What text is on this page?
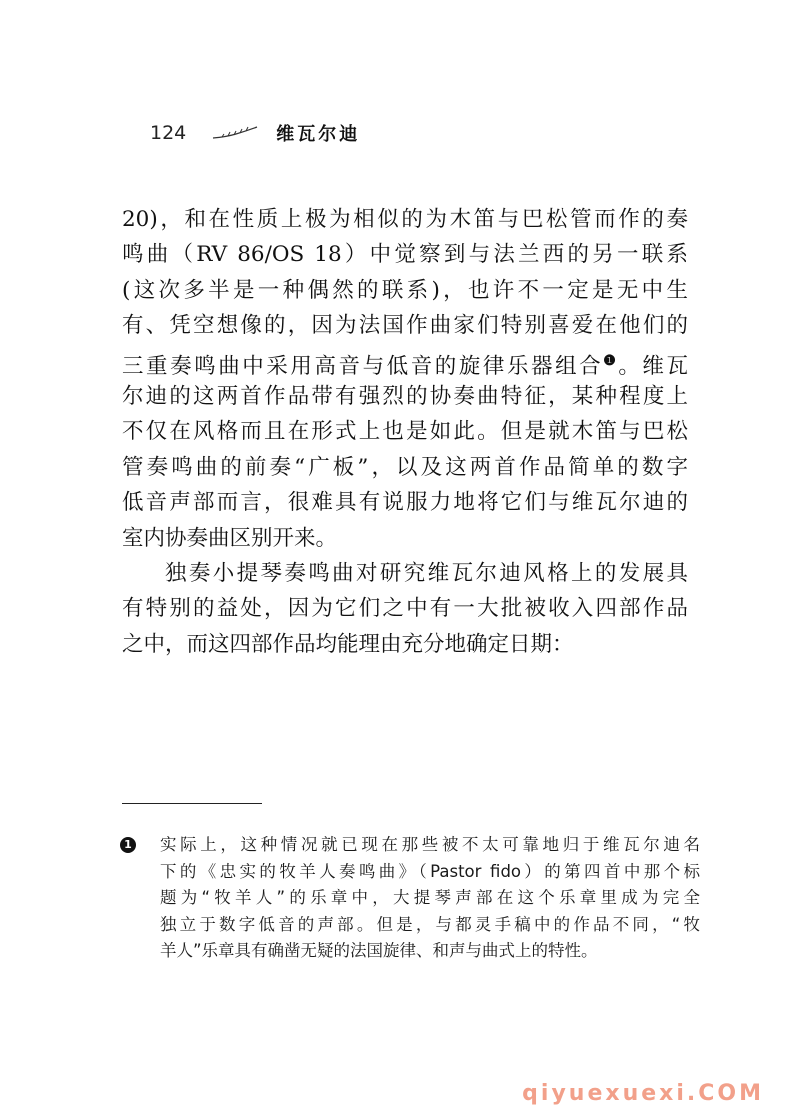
124	维瓦尔迪
20)，和在性质上极为相似的为木笛与巴松管而作的奏
鸣曲（RV 86/OS 18）中觉察到与法兰西的另一联系
(这次多半是一种偶然的联系)，也许不一定是无中生
有、凭空想像的，因为法国作曲家们特别喜爱在他们的
三重奏鸣曲中采用高音与低音的旋律乐器组合$^❶$。维瓦
尔迪的这两首作品带有强烈的协奏曲特征，某种程度上
不仅在风格而且在形式上也是如此。但是就木笛与巴松
管奏鸣曲的前奏“广板”，以及这两首作品简单的数字
低音声部而言，很难具有说服力地将它们与维瓦尔迪的
室内协奏曲区别开来。
独奏小提琴奏鸣曲对研究维瓦尔迪风格上的发展具
有特别的益处，因为它们之中有一大批被收入四部作品
之中，而这四部作品均能理由充分地确定日期：
1 实际上，这种情况就已现在那些被不太可靠地归于维瓦尔迪名
下的《忠实的牧羊人奏鸣曲》（Pastor fido）的第四首中那个标
题为“牧羊人”的乐章中，大提琴声部在这个乐章里成为完全
独立于数字低音的声部。但是，与都灵手稿中的作品不同，“牧
羊人”乐章具有确凿无疑的法国旋律、和声与曲式上的特性。
qiyuexuexi.COM
